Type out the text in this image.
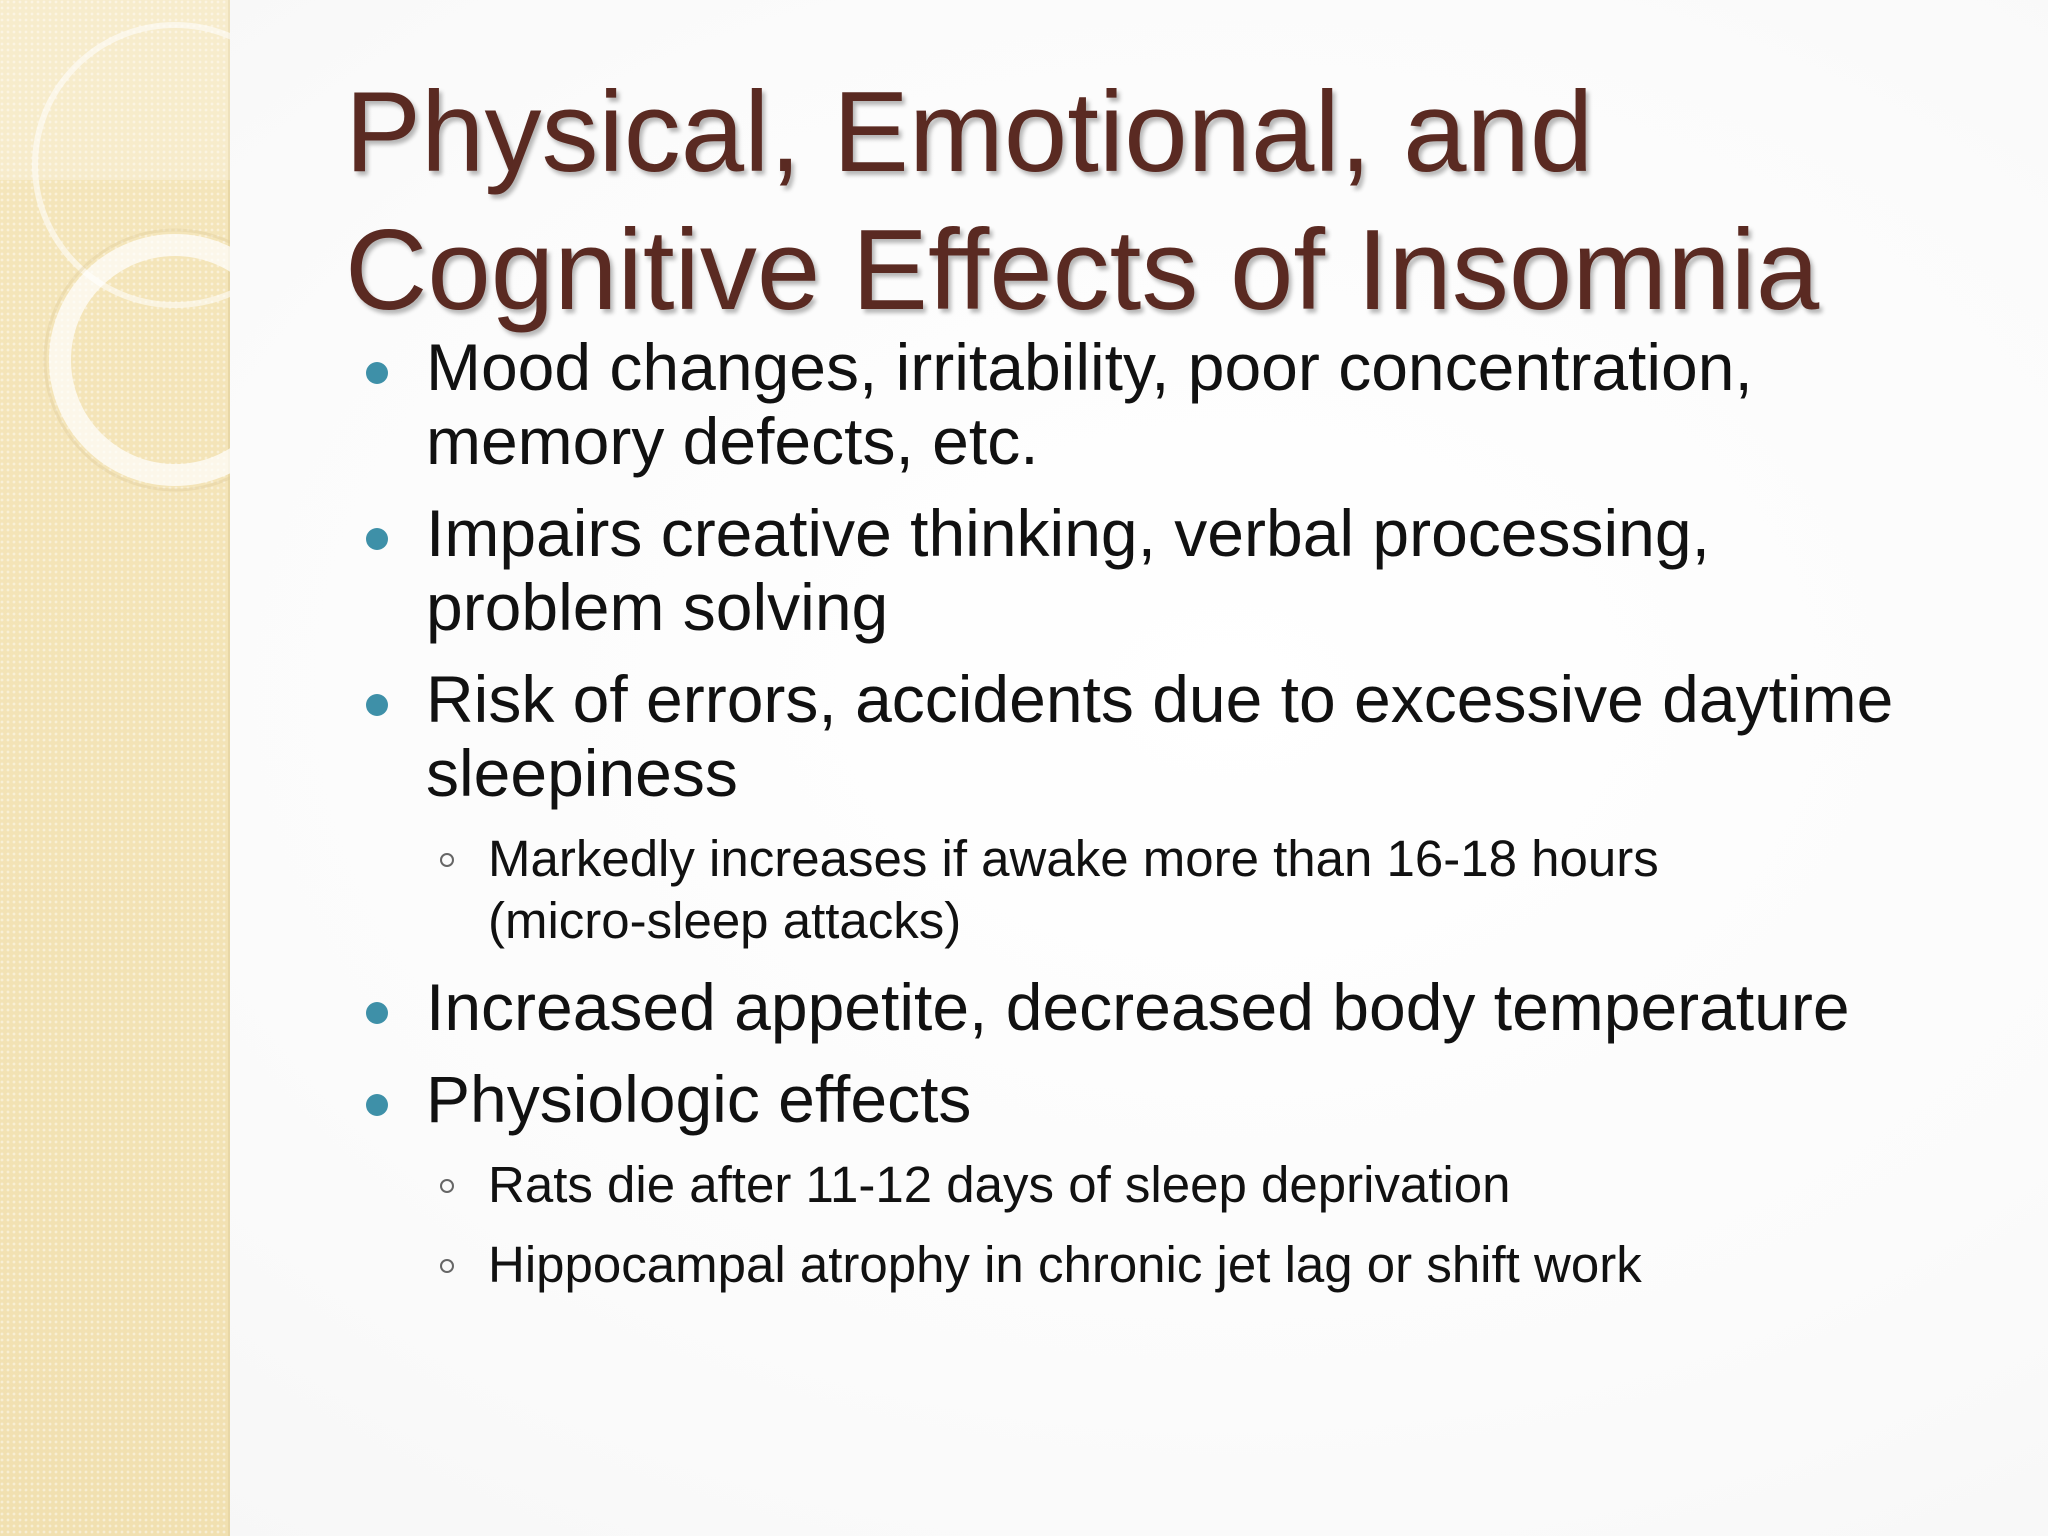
Physical, Emotional, and
Cognitive Effects of Insomnia
Mood changes, irritability, poor concentration,
memory defects, etc.
Impairs creative thinking, verbal processing,
problem solving
Risk of errors, accidents due to excessive daytime
sleepiness
Markedly increases if awake more than 16-18 hours
(micro-sleep attacks)
Increased appetite, decreased body temperature
Physiologic effects
Rats die after 11-12 days of sleep deprivation
Hippocampal atrophy in chronic jet lag or shift work
